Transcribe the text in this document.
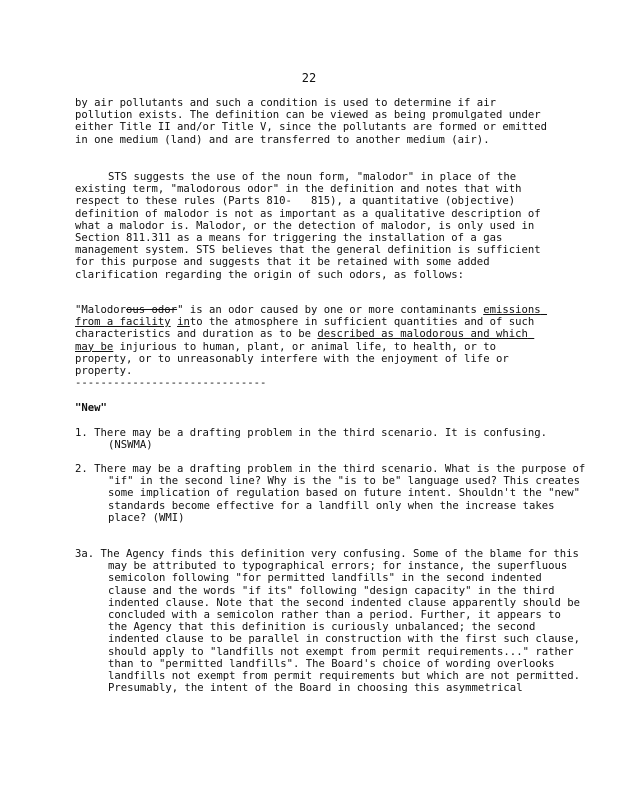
22
by air pollutants and such a condition is used to determine if air pollution exists. The definition can be viewed as being promulgated under either Title II and/or Title V, since the pollutants are formed or emitted in one medium (land) and are transferred to another medium (air).
STS suggests the use of the noun form, "malodor" in place of the existing term, "malodorous odor" in the definition and notes that with respect to these rules (Parts 810-   815), a quantitative (objective) definition of malodor is not as important as a qualitative description of what a malodor is. Malodor, or the detection of malodor, is only used in Section 811.311 as a means for triggering the installation of a gas management system. STS believes that the general definition is sufficient for this purpose and suggests that it be retained with some added clarification regarding the origin of such odors, as follows:
"Malodorous odor" is an odor caused by one or more contaminants emissions from a facility into the atmosphere in sufficient quantities and of such characteristics and duration as to be described as malodorous and which may be injurious to human, plant, or animal life, to health, or to property, or to unreasonably interfere with the enjoyment of life or property.
------------------------------
"New"
1. There may be a drafting problem in the third scenario. It is confusing. (NSWMA)
2. There may be a drafting problem in the third scenario. What is the purpose of "if" in the second line? Why is the "is to be" language used? This creates some implication of regulation based on future intent. Shouldn't the "new" standards become effective for a landfill only when the increase takes place? (WMI)
3a. The Agency finds this definition very confusing. Some of the blame for this may be attributed to typographical errors; for instance, the superfluous semicolon following "for permitted landfills" in the second indented clause and the words "if its" following "design capacity" in the third indented clause. Note that the second indented clause apparently should be concluded with a semicolon rather than a period. Further, it appears to the Agency that this definition is curiously unbalanced; the second indented clause to be parallel in construction with the first such clause, should apply to "landfills not exempt from permit requirements..." rather than to "permitted landfills". The Board's choice of wording overlooks landfills not exempt from permit requirements but which are not permitted. Presumably, the intent of the Board in choosing this asymmetrical
